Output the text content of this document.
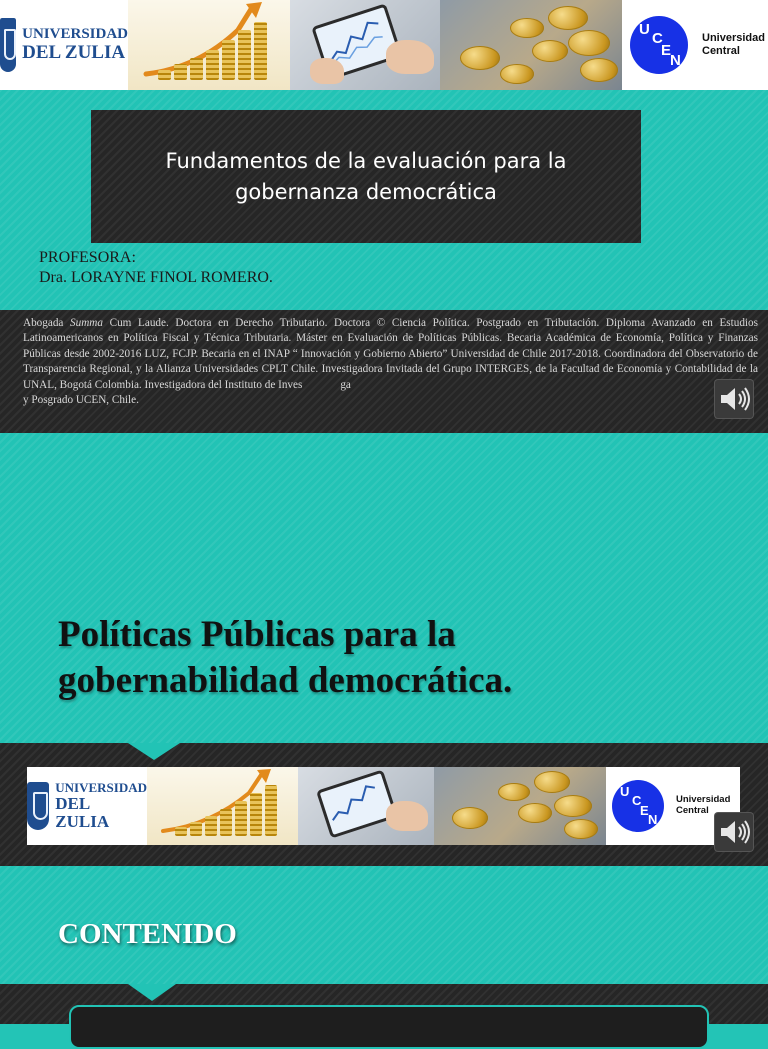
UNIVERSIDAD
DEL ZULIA
U
C
E
N
Universidad
Central
Fundamentos de la evaluación para la gobernanza democrática
PROFESORA:
Dra. LORAYNE FINOL ROMERO.
Abogada Summa Cum Laude. Doctora en Derecho Tributario. Doctora © Ciencia Política. Postgrado en Tributación. Diploma Avanzado en Estudios Latinoamericanos en Política Fiscal y Técnica Tributaria. Máster en Evaluación de Políticas Públicas. Becaria Académica de Economía, Política y Finanzas Públicas desde 2002-2016 LUZ, FCJP. Becaria en el INAP “ Innovación y Gobierno Abierto” Universidad de Chile 2017-2018. Coordinadora del Observatorio de Transparencia Regional, y la Alianza Universidades CPLT Chile. Investigadora Invitada del Grupo INTERGES, de la Facultad de Economía y Contabilidad de la UNAL, Bogotá Colombia. Investigadora del Instituto de Inves	ga
y Posgrado UCEN, Chile.
Políticas Públicas para la
gobernabilidad democrática.
UNIVERSIDAD
DEL ZULIA
U
C
E
N
Universidad
Central
CONTENIDO
